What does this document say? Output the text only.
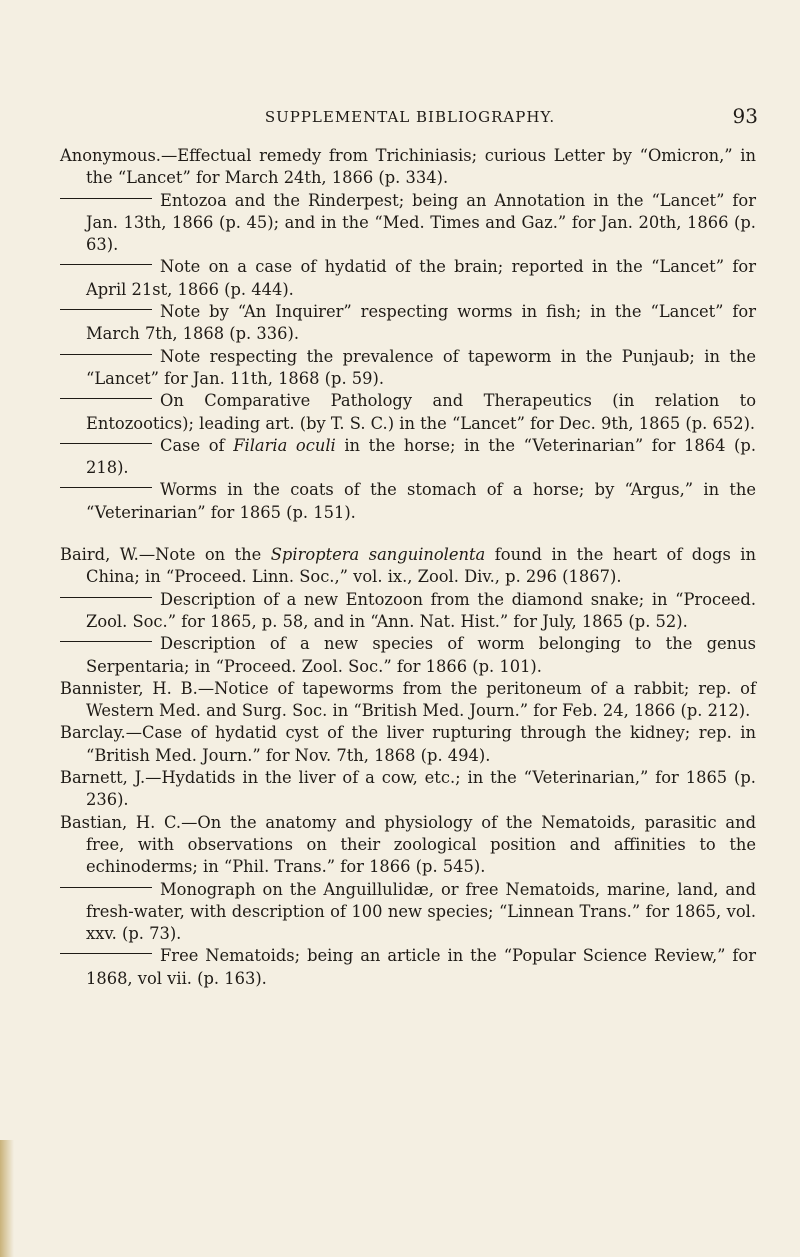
SUPPLEMENTAL BIBLIOGRAPHY.	93

Anonymous.—Effectual remedy from Trichiniasis; curious Letter by “Omicron,” in the “Lancet” for March 24th, 1866 (p. 334).

Entozoa and the Rinderpest; being an Annotation in the “Lancet” for Jan. 13th, 1866 (p. 45); and in the “Med. Times and Gaz.” for Jan. 20th, 1866 (p. 63).

Note on a case of hydatid of the brain; reported in the “Lancet” for April 21st, 1866 (p. 444).

Note by “An Inquirer” respecting worms in fish; in the “Lancet” for March 7th, 1868 (p. 336).

Note respecting the prevalence of tapeworm in the Punjaub; in the “Lancet” for Jan. 11th, 1868 (p. 59).

On Comparative Pathology and Therapeutics (in relation to Entozootics); leading art. (by T. S. C.) in the “Lancet” for Dec. 9th, 1865 (p. 652).

Case of Filaria oculi in the horse; in the “Veterinarian” for 1864 (p. 218).

Worms in the coats of the stomach of a horse; by “Argus,” in the “Veterinarian” for 1865 (p. 151).

Baird, W.—Note on the Spiroptera sanguinolenta found in the heart of dogs in China; in “Proceed. Linn. Soc.,” vol. ix., Zool. Div., p. 296 (1867).

Description of a new Entozoon from the diamond snake; in “Proceed. Zool. Soc.” for 1865, p. 58, and in “Ann. Nat. Hist.” for July, 1865 (p. 52).

Description of a new species of worm belonging to the genus Serpentaria; in “Proceed. Zool. Soc.” for 1866 (p. 101).

Bannister, H. B.—Notice of tapeworms from the peritoneum of a rabbit; rep. of Western Med. and Surg. Soc. in “British Med. Journ.” for Feb. 24, 1866 (p. 212).

Barclay.—Case of hydatid cyst of the liver rupturing through the kidney; rep. in “British Med. Journ.” for Nov. 7th, 1868 (p. 494).

Barnett, J.—Hydatids in the liver of a cow, etc.; in the “Veterinarian,” for 1865 (p. 236).

Bastian, H. C.—On the anatomy and physiology of the Nematoids, parasitic and free, with observations on their zoological position and affinities to the echinoderms; in “Phil. Trans.” for 1866 (p. 545).

Monograph on the Anguillulidæ, or free Nematoids, marine, land, and fresh-water, with description of 100 new species; “Linnean Trans.” for 1865, vol. xxv. (p. 73).

Free Nematoids; being an article in the “Popular Science Review,” for 1868, vol vii. (p. 163).
